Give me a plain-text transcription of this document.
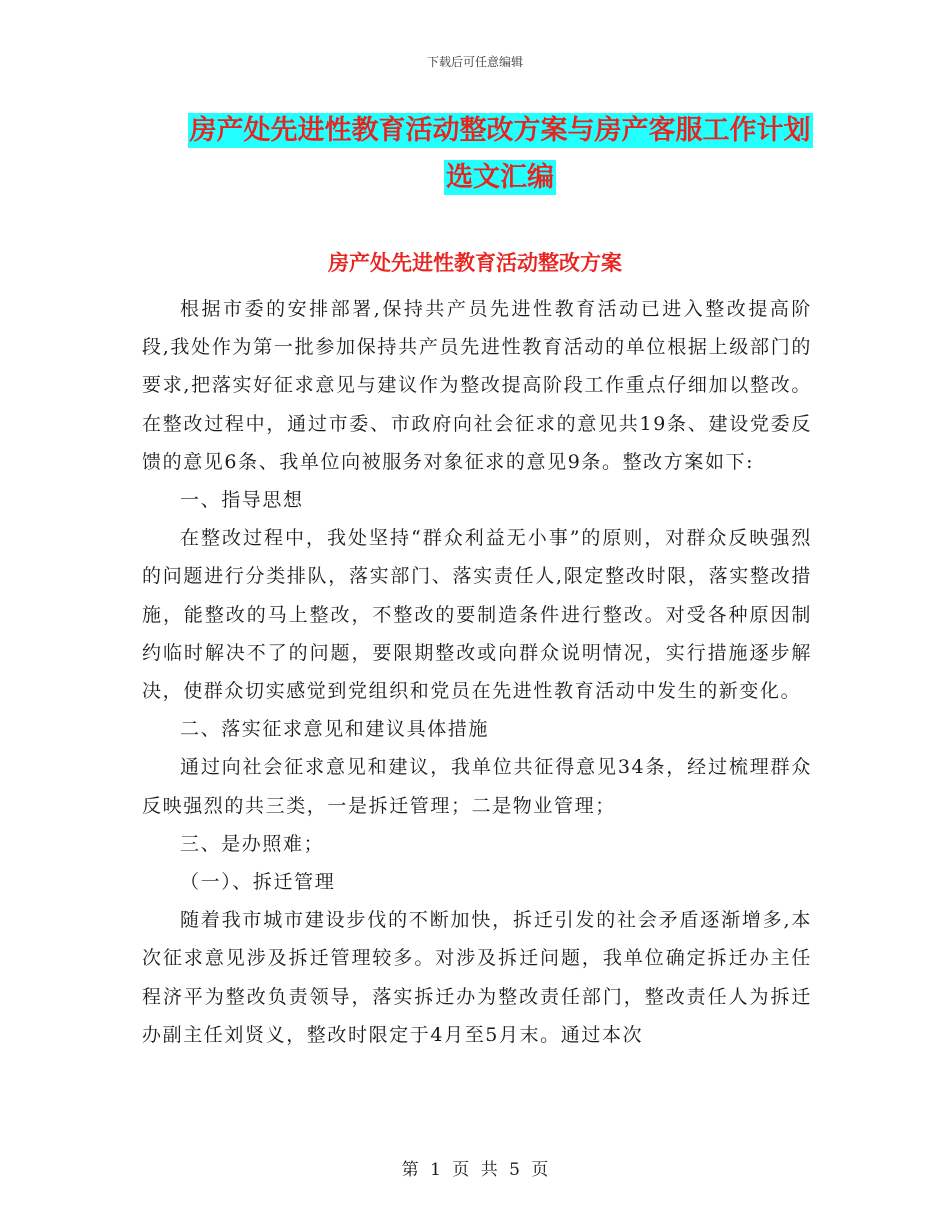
下载后可任意编辑
房产处先进性教育活动整改方案与房产客服工作计划
选文汇编
房产处先进性教育活动整改方案

根据市委的安排部署,保持共产员先进性教育活动已进入整改提高阶段,我处作为第一批参加保持共产员先进性教育活动的单位根据上级部门的要求,把落实好征求意见与建议作为整改提高阶段工作重点仔细加以整改。在整改过程中，通过市委、市政府向社会征求的意见共19条、建设党委反馈的意见6条、我单位向被服务对象征求的意见9条。整改方案如下:

一、指导思想

在整改过程中，我处坚持“群众利益无小事”的原则，对群众反映强烈的问题进行分类排队，落实部门、落实责任人,限定整改时限，落实整改措施，能整改的马上整改，不整改的要制造条件进行整改。对受各种原因制约临时解决不了的问题，要限期整改或向群众说明情况，实行措施逐步解决，使群众切实感觉到党组织和党员在先进性教育活动中发生的新变化。

二、落实征求意见和建议具体措施

通过向社会征求意见和建议，我单位共征得意见34条，经过梳理群众反映强烈的共三类，一是拆迁管理；二是物业管理；

三、是办照难；

（一）、拆迁管理

随着我市城市建设步伐的不断加快，拆迁引发的社会矛盾逐渐增多,本次征求意见涉及拆迁管理较多。对涉及拆迁问题，我单位确定拆迁办主任程济平为整改负责领导，落实拆迁办为整改责任部门，整改责任人为拆迁办副主任刘贤义，整改时限定于4月至5月末。通过本次

第 1 页 共 5 页
